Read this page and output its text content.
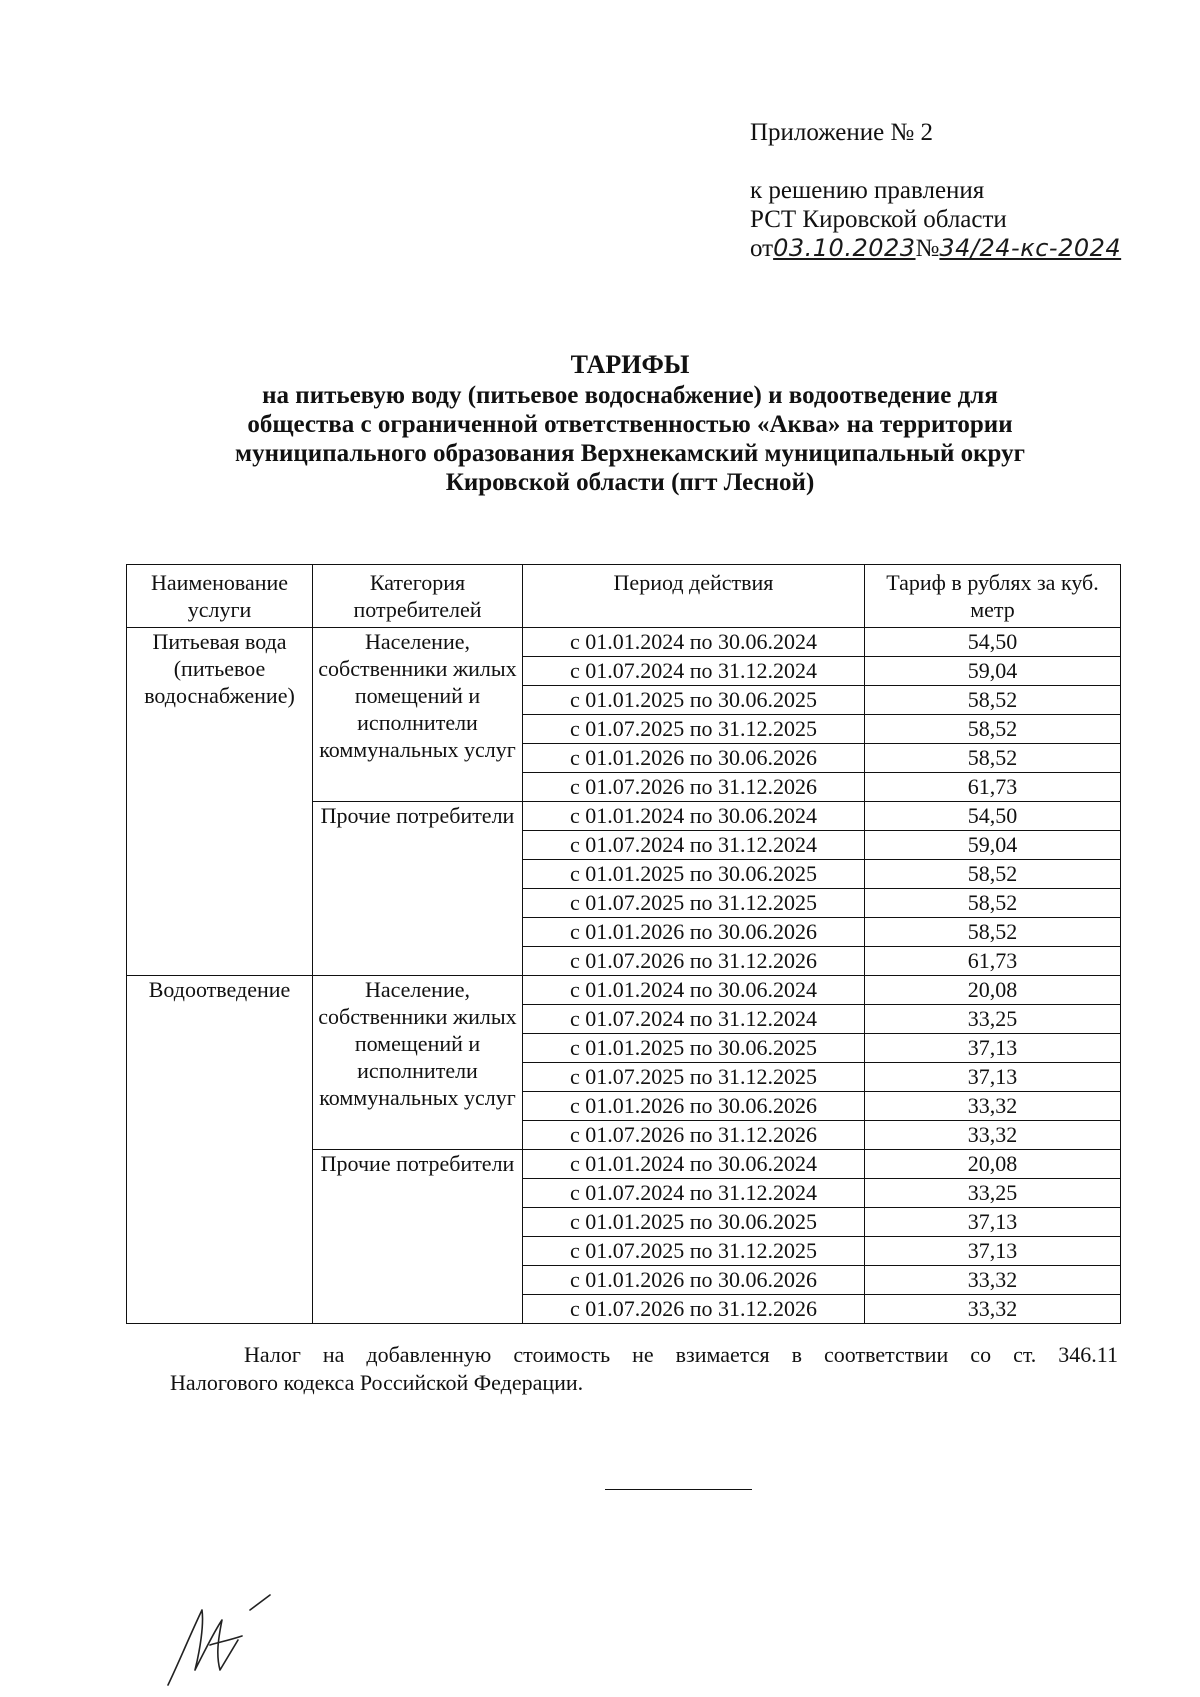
Приложение № 2
к решению правления
РСТ Кировской области
от03.10.2023№34/24-кс-2024
ТАРИФЫ
на питьевую воду (питьевое водоснабжение) и водоотведение для
общества с ограниченной ответственностью «Аква» на территории
муниципального образования Верхнекамский муниципальный округ
Кировской области (пгт Лесной)
Наименование услуги	Категория потребителей	Период действия	Тариф в рублях за куб. метр
Питьевая вода (питьевое водоснабжение)	Население, собственники жилых помещений и исполнители коммунальных услуг	с 01.01.2024 по 30.06.2024	54,50
		с 01.07.2024 по 31.12.2024	59,04
		с 01.01.2025 по 30.06.2025	58,52
		с 01.07.2025 по 31.12.2025	58,52
		с 01.01.2026 по 30.06.2026	58,52
		с 01.07.2026 по 31.12.2026	61,73
	Прочие потребители	с 01.01.2024 по 30.06.2024	54,50
		с 01.07.2024 по 31.12.2024	59,04
		с 01.01.2025 по 30.06.2025	58,52
		с 01.07.2025 по 31.12.2025	58,52
		с 01.01.2026 по 30.06.2026	58,52
		с 01.07.2026 по 31.12.2026	61,73
Водоотведение	Население, собственники жилых помещений и исполнители коммунальных услуг	с 01.01.2024 по 30.06.2024	20,08
		с 01.07.2024 по 31.12.2024	33,25
		с 01.01.2025 по 30.06.2025	37,13
		с 01.07.2025 по 31.12.2025	37,13
		с 01.01.2026 по 30.06.2026	33,32
		с 01.07.2026 по 31.12.2026	33,32
	Прочие потребители	с 01.01.2024 по 30.06.2024	20,08
		с 01.07.2024 по 31.12.2024	33,25
		с 01.01.2025 по 30.06.2025	37,13
		с 01.07.2025 по 31.12.2025	37,13
		с 01.01.2026 по 30.06.2026	33,32
		с 01.07.2026 по 31.12.2026	33,32

Налог на добавленную стоимость не взимается в соответствии со ст. 346.11

Налогового кодекса Российской Федерации.
